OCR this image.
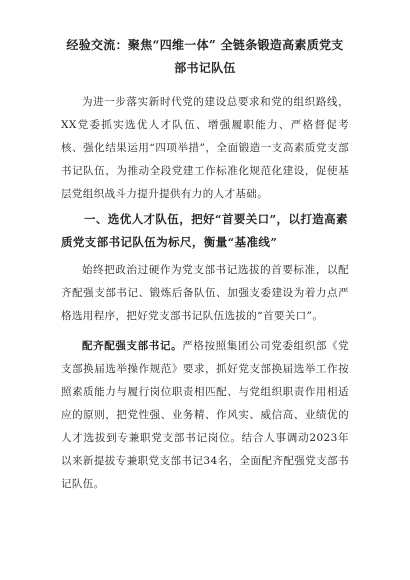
经验交流：聚焦“四维一体” 全链条锻造高素质党支部书记队伍

为进一步落实新时代党的建设总要求和党的组织路线，XX党委抓实选优人才队伍、增强履职能力、严格督促考核、强化结果运用“四项举措”，全面锻造一支高素质党支部书记队伍，为推动全段党建工作标准化规范化建设，促使基层党组织战斗力提升提供有力的人才基础。

一、选优人才队伍，把好“首要关口”，以打造高素质党支部书记队伍为标尺，衡量“基准线”

始终把政治过硬作为党支部书记选拔的首要标准，以配齐配强支部书记、锻炼后备队伍、加强支委建设为着力点严格选用程序，把好党支部书记队伍选拔的“首要关口”。

配齐配强支部书记。严格按照集团公司党委组织部《党支部换届选举操作规范》要求，抓好党支部换届选举工作按照素质能力与履行岗位职责相匹配、与党组织职责作用相适应的原则，把党性强、业务精、作风实、威信高、业绩优的人才选拔到专兼职党支部书记岗位。结合人事调动2023年以来新提拔专兼职党支部书记34名，全面配齐配强党支部书记队伍。
